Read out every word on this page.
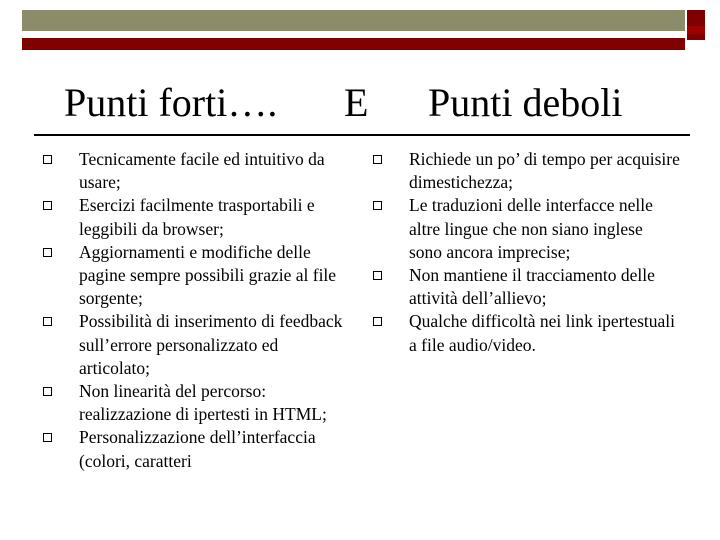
Punti forti…. E Punti deboli

Tecnicamente facile ed intuitivo da usare;

Esercizi facilmente trasportabili e leggibili da browser;

Aggiornamenti e modifiche delle pagine sempre possibili grazie al file sorgente;

Possibilità di inserimento di feedback sull’errore personalizzato ed articolato;

Non linearità del percorso: realizzazione di ipertesti in HTML;

Personalizzazione dell’interfaccia (colori, caratteri

Richiede un po’ di tempo per acquisire dimestichezza;

Le traduzioni delle interfacce nelle altre lingue che non siano inglese sono ancora imprecise;

Non mantiene il tracciamento delle attività dell’allievo;

Qualche difficoltà nei link ipertestuali a file audio/video.
